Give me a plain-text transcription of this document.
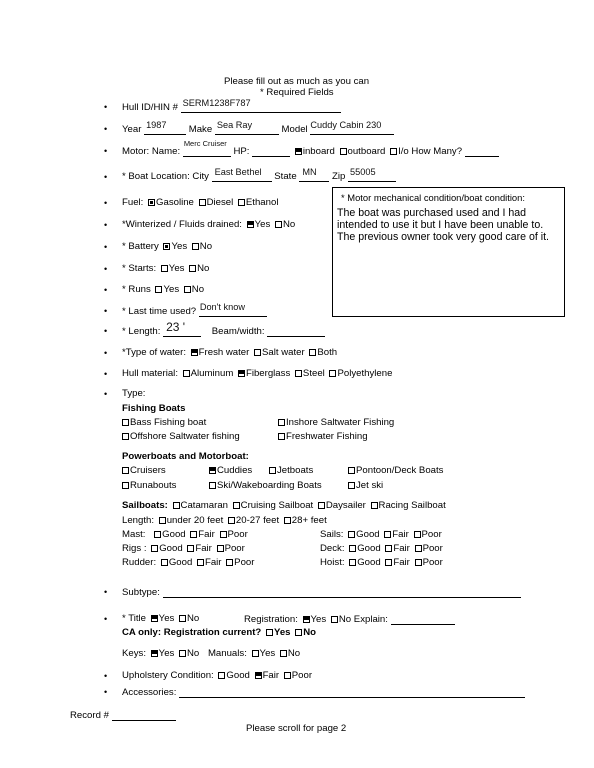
Please fill out as much as you can
* Required Fields
• Hull ID/HIN # SERM1238F787
• Year 1987 Make Sea Ray	Model Cuddy Cabin 230
• Motor: Name:
Merc Cruiser
HP:	inboard outboard I/o How Many?
• * Boat Location: City East Bethel State MN Zip 55005
* Motor mechanical condition/boat condition:
The boat was purchased used and I had intended to use it but I have been unable to. The previous owner took very good care of it.
• Fuel: Gasoline Diesel Ethanol
• *Winterized / Fluids drained: Yes No
• * Battery Yes No
• * Starts: Yes No
• * Runs Yes No
• * Last time used? Don't know
• * Length: 23 '	Beam/width:
• *Type of water: Fresh water Salt water Both
• Hull material: Aluminum Fiberglass Steel Polyethylene
• Type:
Fishing Boats
Bass Fishing boat	Inshore Saltwater Fishing
Offshore Saltwater fishing	Freshwater Fishing
Powerboats and Motorboat:
Cruisers	Cuddies	Jetboats	Pontoon/Deck Boats
Runabouts	Ski/Wakeboarding Boats	Jet ski
Sailboats: Catamaran Cruising Sailboat Daysailer Racing Sailboat
Length: under 20 feet 20-27 feet 28+ feet
Mast: Good Fair Poor	Sails: Good Fair Poor
Rigs : Good Fair Poor	Deck: Good Fair Poor
Rudder: Good Fair Poor	Hoist: Good Fair Poor
• Subtype:
• * Title Yes No	Registration: Yes No Explain:
CA only: Registration current? Yes No
Keys: Yes No Manuals: Yes No
• Upholstery Condition: Good Fair Poor
• Accessories:
Record #
Please scroll for page 2
